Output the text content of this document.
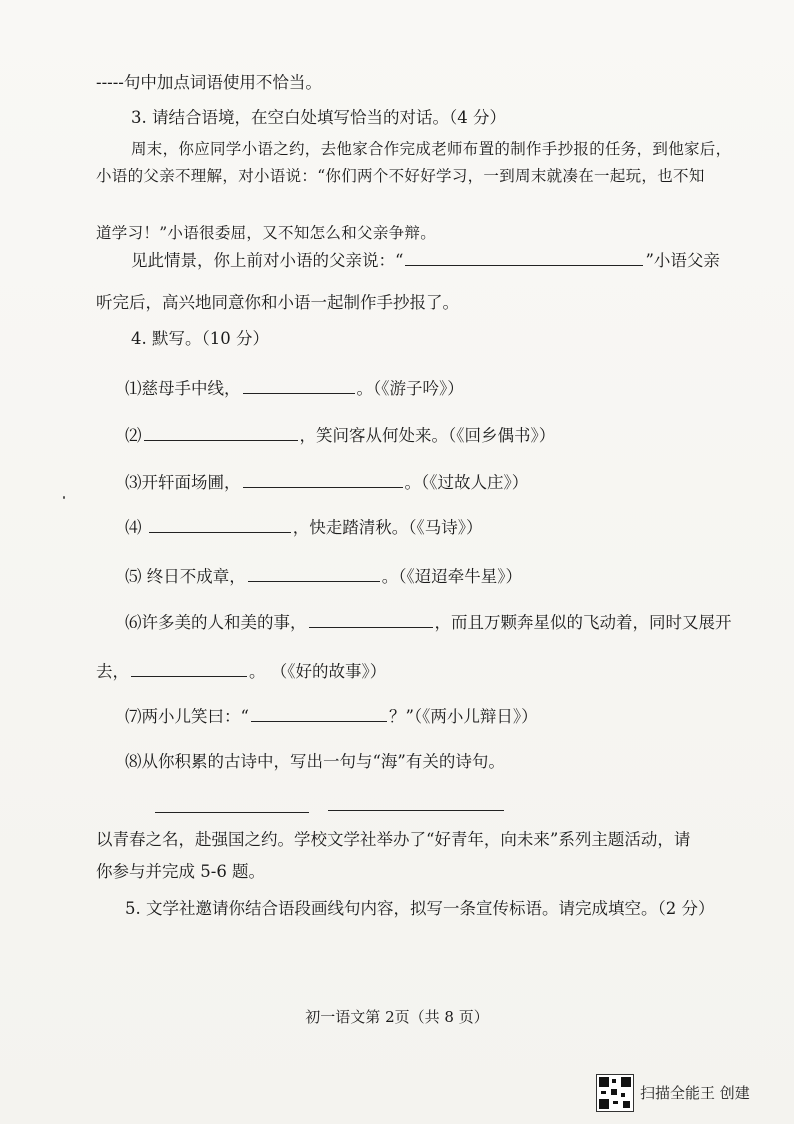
-----句中加点词语使用不恰当。
3. 请结合语境，在空白处填写恰当的对话。（4 分）
周末，你应同学小语之约，去他家合作完成老师布置的制作手抄报的任务，到他家后，
小语的父亲不理解，对小语说：“你们两个不好好学习，一到周末就凑在一起玩，也不知
道学习！”小语很委屈，又不知怎么和父亲争辩。
见此情景，你上前对小语的父亲说：“	”小语父亲
听完后，高兴地同意你和小语一起制作手抄报了。
4. 默写。（10 分）
⑴慈母手中线，	。（《游子吟》）
⑵	，笑问客从何处来。（《回乡偶书》）
⑶开轩面场圃，	。（《过故人庄》）
⑷	，快走踏清秋。（《马诗》）
⑸ 终日不成章，	。（《迢迢牵牛星》）
⑹许多美的人和美的事，	，而且万颗奔星似的飞动着，同时又展开
去，	。 （《好的故事》）
⑺两小儿笑曰：“	？”（《两小儿辩日》）
⑻从你积累的古诗中，写出一句与“海”有关的诗句。
以青春之名，赴强国之约。学校文学社举办了“好青年，向未来”系列主题活动，请
你参与并完成 5-6 题。
5. 文学社邀请你结合语段画线句内容，拟写一条宣传标语。请完成填空。（2 分）
初一语文第 2页（共 8 页）
扫描全能王 创建
